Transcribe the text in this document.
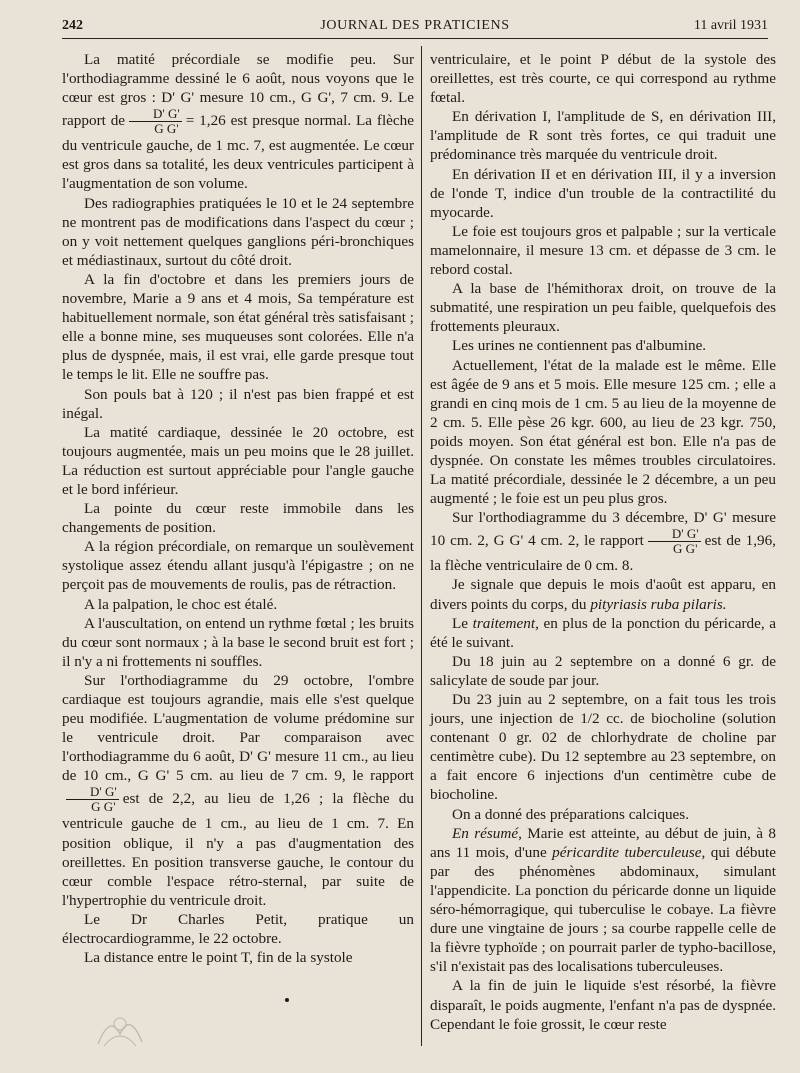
242	JOURNAL DES PRATICIENS	11 avril 1931

La matité précordiale se modifie peu. Sur l'orthodiagramme dessiné le 6 août, nous voyons que le cœur est gros : D' G' mesure 10 cm., G G', 7 cm. 9. Le rapport de $\frac{D' G'}{\text{G G'}} = 1,26$ est presque normal. La flèche du ventricule gauche, de 1 mc. 7, est augmentée. Le cœur est gros dans sa totalité, les deux ventricules participent à l'augmentation de son volume.

Des radiographies pratiquées le 10 et le 24 septembre ne montrent pas de modifications dans l'aspect du cœur ; on y voit nettement quelques ganglions péri-bronchiques et médiastinaux, surtout du côté droit.

A la fin d'octobre et dans les premiers jours de novembre, Marie a 9 ans et 4 mois, Sa température est habituellement normale, son état général très satisfaisant ; elle a bonne mine, ses muqueuses sont colorées. Elle n'a plus de dyspnée, mais, il est vrai, elle garde presque tout le temps le lit. Elle ne souffre pas.

Son pouls bat à 120 ; il n'est pas bien frappé et est inégal.

La matité cardiaque, dessinée le 20 octobre, est toujours augmentée, mais un peu moins que le 28 juillet. La réduction est surtout appréciable pour l'angle gauche et le bord inférieur.

La pointe du cœur reste immobile dans les changements de position.

A la région précordiale, on remarque un soulèvement systolique assez étendu allant jusqu'à l'épigastre ; on ne perçoit pas de mouvements de roulis, pas de rétraction.

A la palpation, le choc est étalé.

A l'auscultation, on entend un rythme fœtal ; les bruits du cœur sont normaux ; à la base le second bruit est fort ; il n'y a ni frottements ni souffles.

Sur l'orthodiagramme du 29 octobre, l'ombre cardiaque est toujours agrandie, mais elle s'est quelque peu modifiée. L'augmentation de volume prédomine sur le ventricule droit. Par comparaison avec l'orthodiagramme du 6 août, D' G' mesure 11 cm., au lieu de 10 cm., G G' 5 cm. au lieu de 7 cm. 9, le rapport
$\frac{D' G'}{\text{G G'}}$ est de 2,2, au lieu de 1,26 ; la flèche du ventricule gauche de 1 cm., au lieu de 1 cm. 7. En position oblique, il n'y a pas d'augmentation des oreillettes. En position transverse gauche, le contour du cœur comble l'espace rétro-sternal, par suite de l'hypertrophie du ventricule droit.

Le Dr Charles Petit, pratique un électrocardiogramme, le 22 octobre.

La distance entre le point T, fin de la systole

ventriculaire, et le point P début de la systole des oreillettes, est très courte, ce qui correspond au rythme fœtal.

En dérivation I, l'amplitude de S, en dérivation III, l'amplitude de R sont très fortes, ce qui traduit une prédominance très marquée du ventricule droit.

En dérivation II et en dérivation III, il y a inversion de l'onde T, indice d'un trouble de la contractilité du myocarde.

Le foie est toujours gros et palpable ; sur la verticale mamelonnaire, il mesure 13 cm. et dépasse de 3 cm. le rebord costal.

A la base de l'hémithorax droit, on trouve de la submatité, une respiration un peu faible, quelquefois des frottements pleuraux.

Les urines ne contiennent pas d'albumine.

Actuellement, l'état de la malade est le même. Elle est âgée de 9 ans et 5 mois. Elle mesure 125 cm. ; elle a grandi en cinq mois de 1 cm. 5 au lieu de la moyenne de 2 cm. 5. Elle pèse 26 kgr. 600, au lieu de 23 kgr. 750, poids moyen. Son état général est bon. Elle n'a pas de dyspnée. On constate les mêmes troubles circulatoires. La matité précordiale, dessinée le 2 décembre, a un peu augmenté ; le foie est un peu plus gros.

Sur l'orthodiagramme du 3 décembre, D' G' mesure 10 cm. 2, G G' 4 cm. 2, le rapport $\frac{D' G'}{\text{G G'}}$ est de 1,96, la flèche ventriculaire de 0 cm. 8.

Je signale que depuis le mois d'août est apparu, en divers points du corps, du pityriasis ruba pilaris.

Le traitement, en plus de la ponction du péricarde, a été le suivant.

Du 18 juin au 2 septembre on a donné 6 gr. de salicylate de soude par jour.

Du 23 juin au 2 septembre, on a fait tous les trois jours, une injection de 1/2 cc. de biocholine (solution contenant 0 gr. 02 de chlorhydrate de choline par centimètre cube). Du 12 septembre au 23 septembre, on a fait encore 6 injections d'un centimètre cube de biocholine.

On a donné des préparations calciques.

En résumé, Marie est atteinte, au début de juin, à 8 ans 11 mois, d'une péricardite tuberculeuse, qui débute par des phénomènes abdominaux, simulant l'appendicite. La ponction du péricarde donne un liquide séro-hémorragique, qui tuberculise le cobaye. La fièvre dure une vingtaine de jours ; sa courbe rappelle celle de la fièvre typhoïde ; on pourrait parler de typho-bacillose, s'il n'existait pas des localisations tuberculeuses.

A la fin de juin le liquide s'est résorbé, la fièvre disparaît, le poids augmente, l'enfant n'a pas de dyspnée. Cependant le foie grossit, le cœur reste
